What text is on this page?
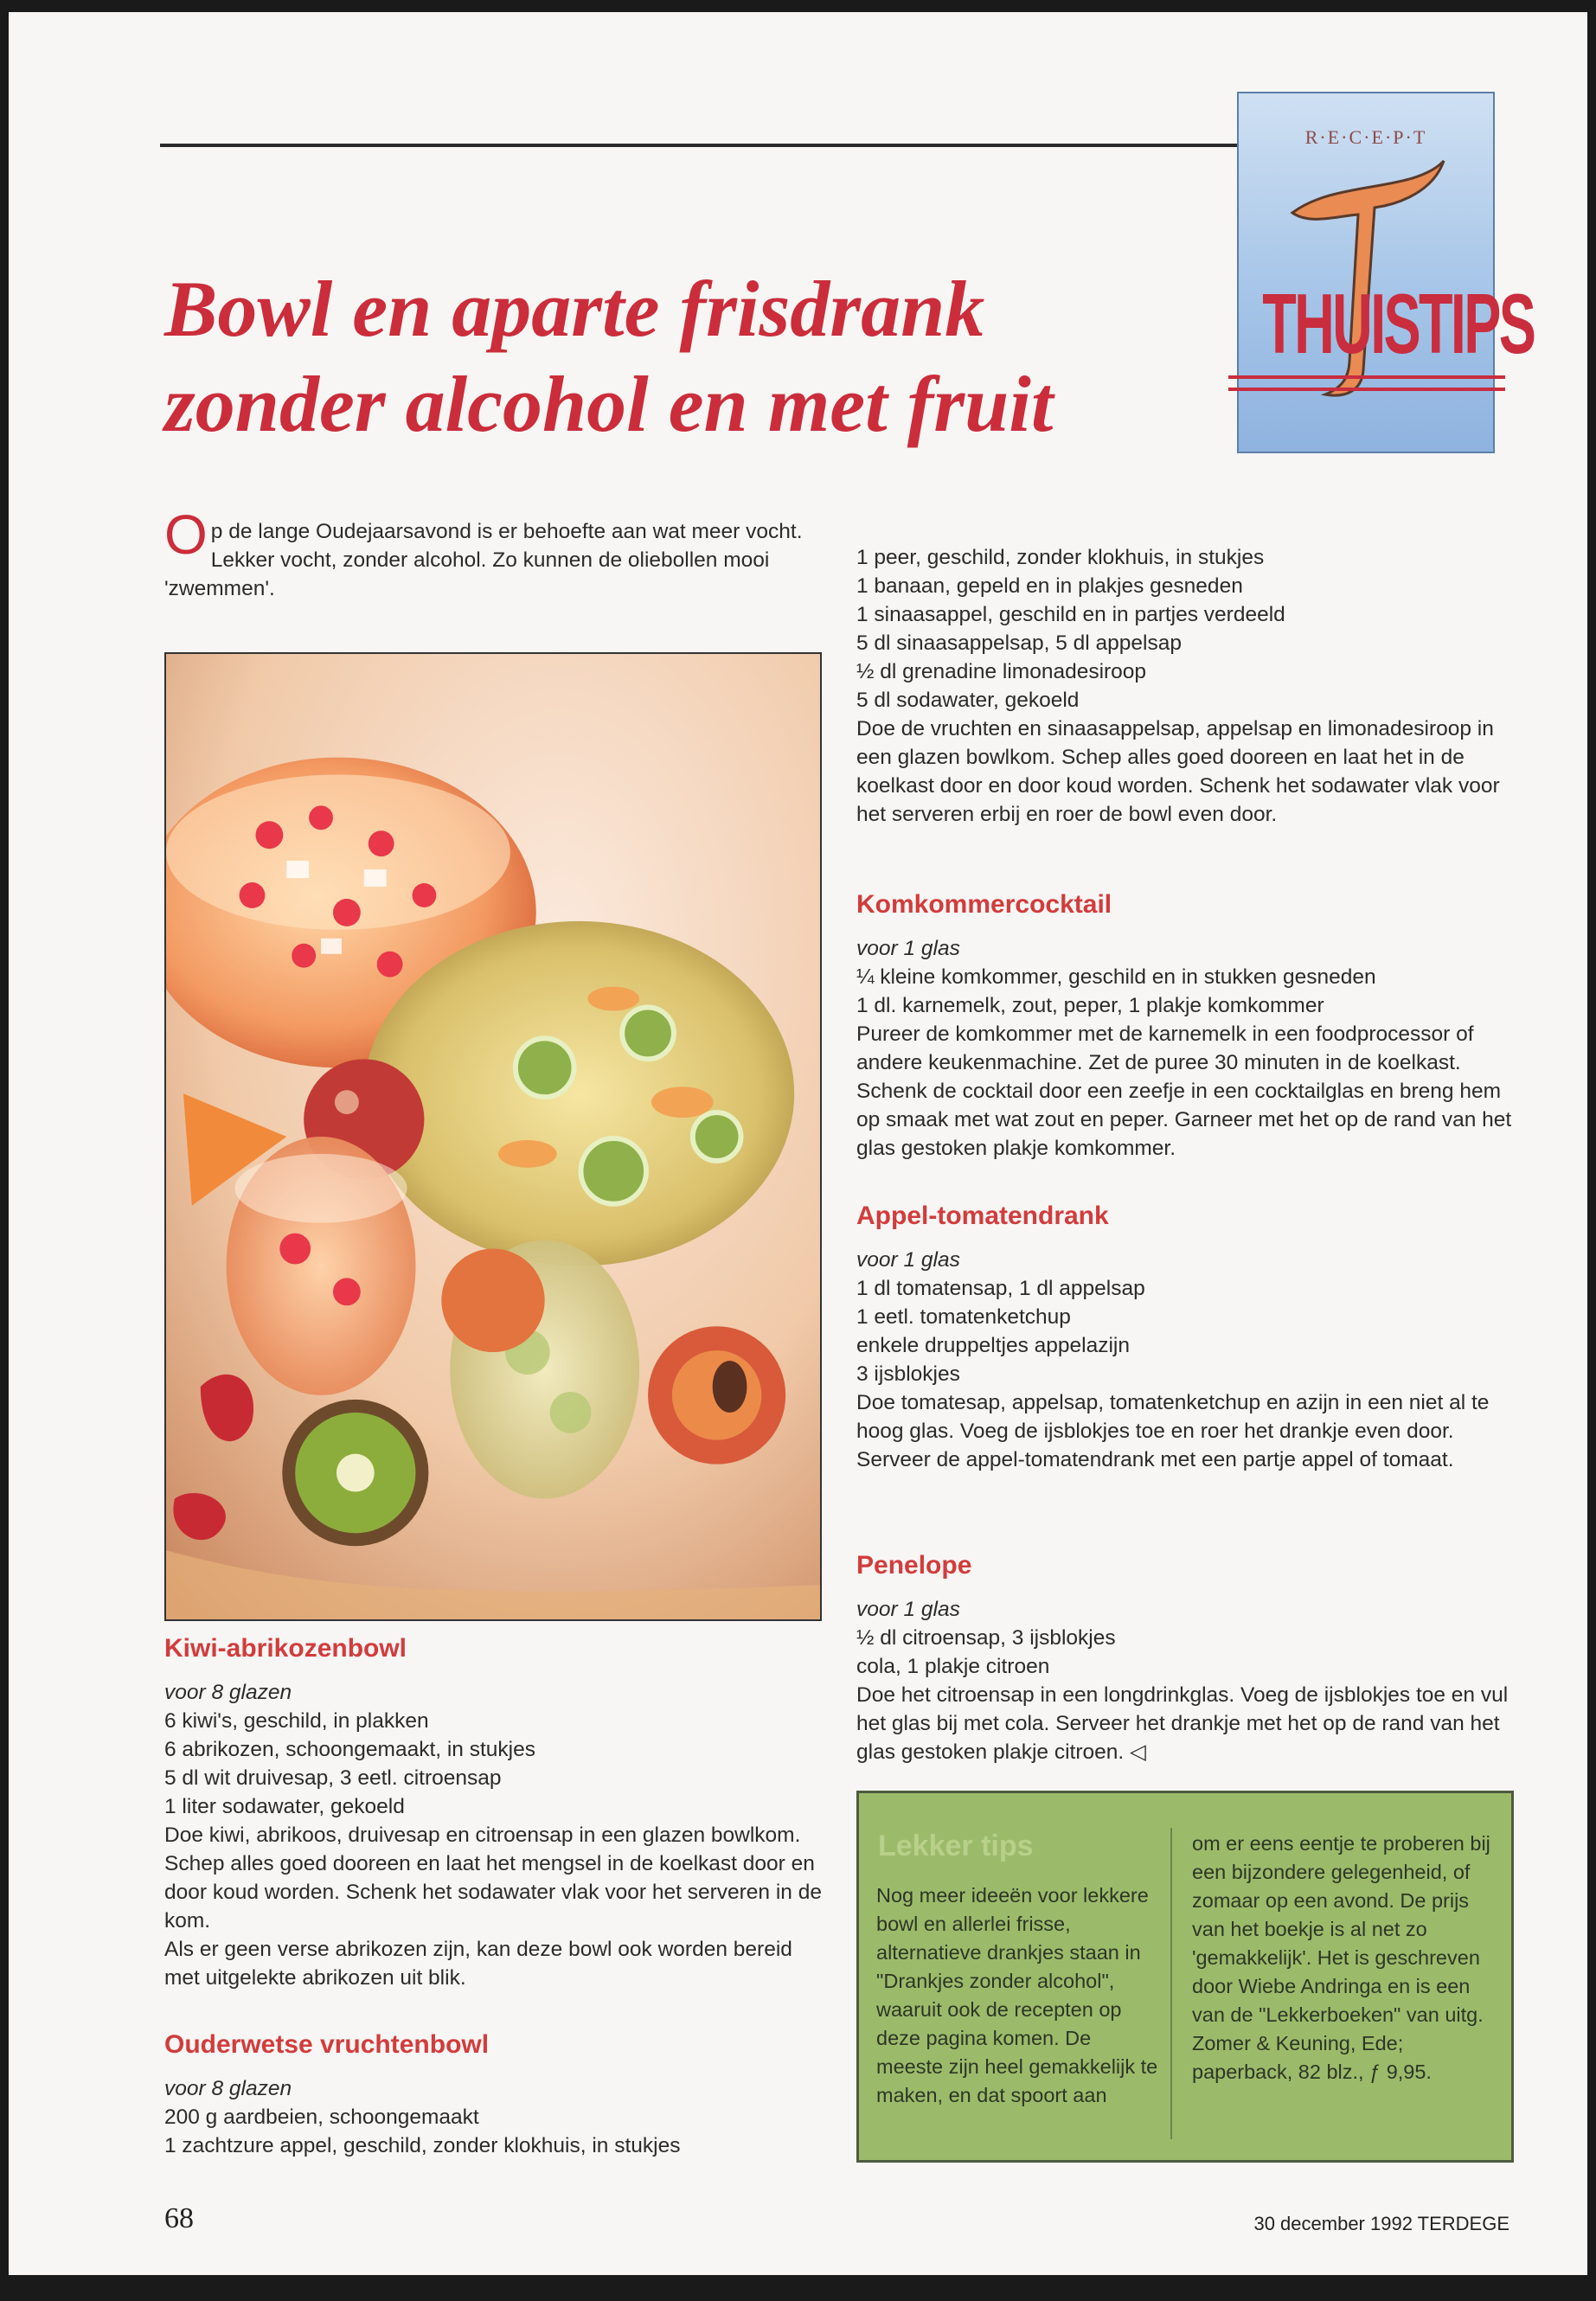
R·E·C·E·P·T
THUISTIPS
Bowl en aparte frisdrank
zonder alcohol en met fruit

Op de lange Oudejaarsavond is er behoefte aan wat meer vocht. Lekker vocht, zonder alcohol. Zo kunnen de oliebollen mooi 'zwemmen'.

Kiwi-abrikozenbowl

voor 8 glazen

6 kiwi's, geschild, in plakken

6 abrikozen, schoongemaakt, in stukjes

5 dl wit druivesap, 3 eetl. citroensap

1 liter sodawater, gekoeld

Doe kiwi, abrikoos, druivesap en citroensap in een glazen bowlkom. Schep alles goed dooreen en laat het mengsel in de koelkast door en door koud worden. Schenk het sodawater vlak voor het serveren in de kom.

Als er geen verse abrikozen zijn, kan deze bowl ook worden bereid met uitgelekte abrikozen uit blik.

Ouderwetse vruchtenbowl

voor 8 glazen

200 g aardbeien, schoongemaakt

1 zachtzure appel, geschild, zonder klokhuis, in stukjes

1 peer, geschild, zonder klokhuis, in stukjes

1 banaan, gepeld en in plakjes gesneden

1 sinaasappel, geschild en in partjes verdeeld

5 dl sinaasappelsap, 5 dl appelsap

½ dl grenadine limonadesiroop

5 dl sodawater, gekoeld

Doe de vruchten en sinaasappelsap, appelsap en limonadesiroop in een glazen bowlkom. Schep alles goed dooreen en laat het in de koelkast door en door koud worden. Schenk het sodawater vlak voor het serveren erbij en roer de bowl even door.

Komkommercocktail

voor 1 glas

¼ kleine komkommer, geschild en in stukken gesneden

1 dl. karnemelk, zout, peper, 1 plakje komkommer

Pureer de komkommer met de karnemelk in een foodprocessor of andere keukenmachine. Zet de puree 30 minuten in de koelkast. Schenk de cocktail door een zeefje in een cocktailglas en breng hem op smaak met wat zout en peper. Garneer met het op de rand van het glas gestoken plakje komkommer.

Appel-tomatendrank

voor 1 glas

1 dl tomatensap, 1 dl appelsap

1 eetl. tomatenketchup

enkele druppeltjes appelazijn

3 ijsblokjes

Doe tomatesap, appelsap, tomatenketchup en azijn in een niet al te hoog glas. Voeg de ijsblokjes toe en roer het drankje even door. Serveer de appel-tomatendrank met een partje appel of tomaat.

Penelope

voor 1 glas

½ dl citroensap, 3 ijsblokjes

cola, 1 plakje citroen

Doe het citroensap in een longdrinkglas. Voeg de ijsblokjes toe en vul het glas bij met cola. Serveer het drankje met het op de rand van het glas gestoken plakje citroen. ◁

Lekker tips
Nog meer ideeën voor lekkere bowl en allerlei frisse, alternatieve drankjes staan in "Drankjes zonder alcohol", waaruit ook de recepten op deze pagina komen. De meeste zijn heel gemakkelijk te maken, en dat spoort aan
om er eens eentje te proberen bij een bijzondere gelegenheid, of zomaar op een avond. De prijs van het boekje is al net zo 'gemakkelijk'. Het is geschreven door Wiebe Andringa en is een van de "Lekkerboeken" van uitg. Zomer & Keuning, Ede; paperback, 82 blz., ƒ 9,95.
68	30 december 1992 TERDEGE
